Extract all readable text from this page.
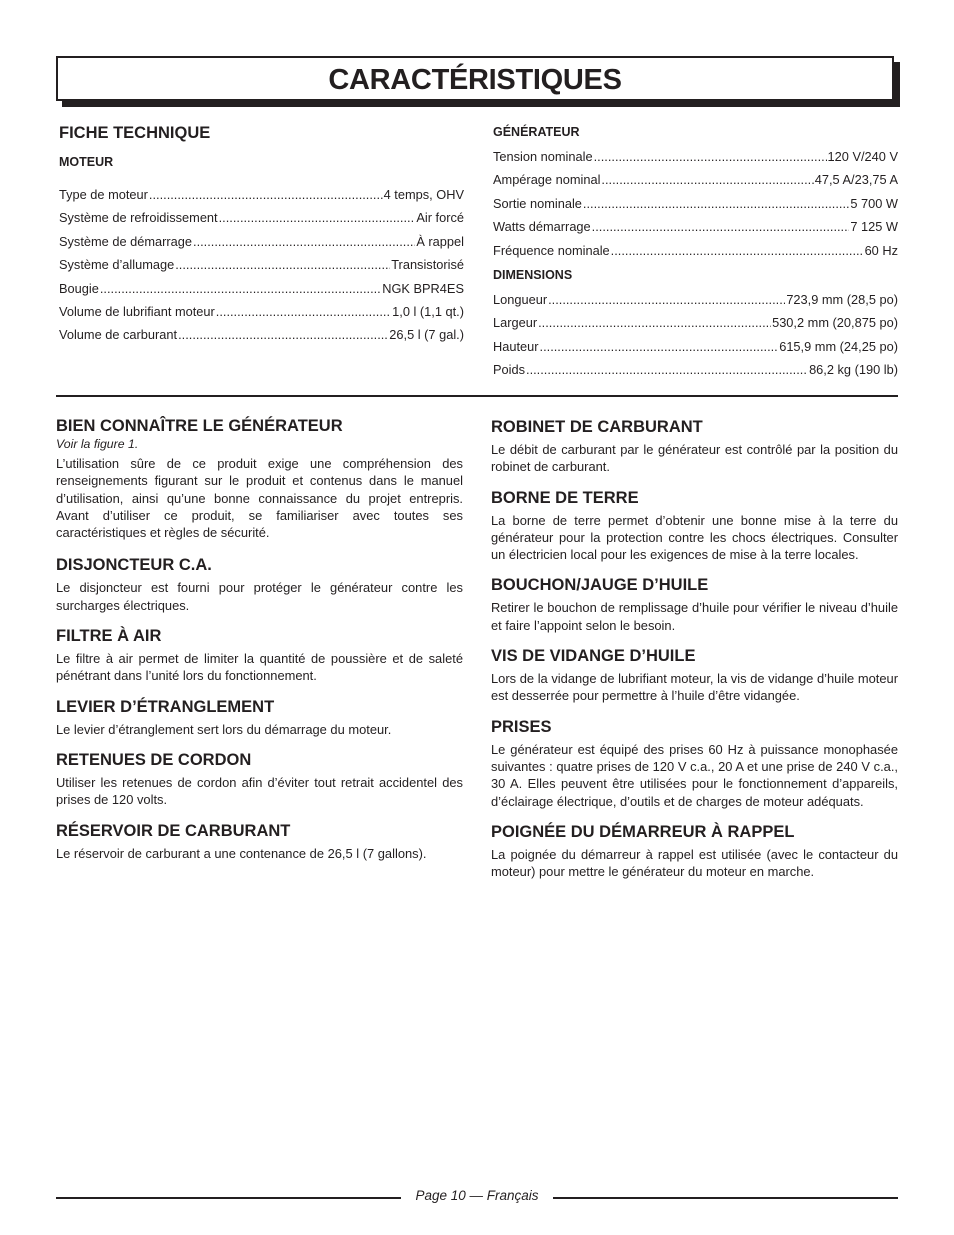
CARACTÉRISTIQUES
FICHE TECHNIQUE
MOTEUR
Type de moteur .....	4 temps, OHV
Système de refroidissement .....	Air forcé
Système de démarrage .....	À rappel
Système d’allumage .....	Transistorisé
Bougie .....	NGK BPR4ES
Volume de lubrifiant moteur .....	1,0 l (1,1 qt.)
Volume de carburant .....	26,5 l (7 gal.)
GÉNÉRATEUR
Tension nominale .....	120 V/240 V
Ampérage nominal .....	47,5 A/23,75 A
Sortie nominale .....	5 700 W
Watts démarrage .....	7 125 W
Fréquence nominale .....	60 Hz
DIMENSIONS
Longueur .....	723,9 mm (28,5 po)
Largeur .....	530,2 mm (20,875 po)
Hauteur .....	615,9 mm (24,25 po)
Poids .....	86,2 kg (190 lb)
BIEN CONNAÎTRE LE GÉNÉRATEUR
Voir la figure 1.

L’utilisation sûre de ce produit exige une compréhension des renseignements figurant sur le produit et contenus dans le manuel d’utilisation, ainsi qu’une bonne connaissance du projet entrepris. Avant d’utiliser ce produit, se familiariser avec toutes ses caractéristiques et règles de sécurité.

DISJONCTEUR C.A.

Le disjoncteur est fourni pour protéger le générateur contre les surcharges électriques.

FILTRE À AIR

Le filtre à air permet de limiter la quantité de poussière et de saleté pénétrant dans l’unité lors du fonctionnement.

LEVIER D’ÉTRANGLEMENT

Le levier d’étranglement sert lors du démarrage du moteur.

RETENUES DE CORDON

Utiliser les retenues de cordon afin d’éviter tout retrait accidentel des prises de 120 volts.

RÉSERVOIR DE CARBURANT

Le réservoir de carburant a une contenance de 26,5 l (7 gallons).

ROBINET DE CARBURANT

Le débit de carburant par le générateur est contrôlé par la position du robinet de carburant.

BORNE DE TERRE

La borne de terre permet d’obtenir une bonne mise à la terre du générateur pour la protection contre les chocs électriques. Consulter un électricien local pour les exigences de mise à la terre locales.

BOUCHON/JAUGE D’HUILE

Retirer le bouchon de remplissage d’huile pour vérifier le niveau d’huile et faire l’appoint selon le besoin.

VIS DE VIDANGE D’HUILE

Lors de la vidange de lubrifiant moteur, la vis de vidange d’huile moteur est desserrée pour permettre à l’huile d’être vidangée.

PRISES

Le générateur est équipé des prises 60 Hz à puissance monophasée suivantes : quatre prises de 120 V c.a., 20 A et une prise de 240 V c.a., 30 A. Elles peuvent être utilisées pour le fonctionnement d’appareils, d’éclairage électrique, d’outils et de charges de moteur adéquats.

POIGNÉE DU DÉMARREUR À RAPPEL

La poignée du démarreur à rappel est utilisée (avec le contacteur du moteur) pour mettre le générateur du moteur en marche.

Page 10 — Français
